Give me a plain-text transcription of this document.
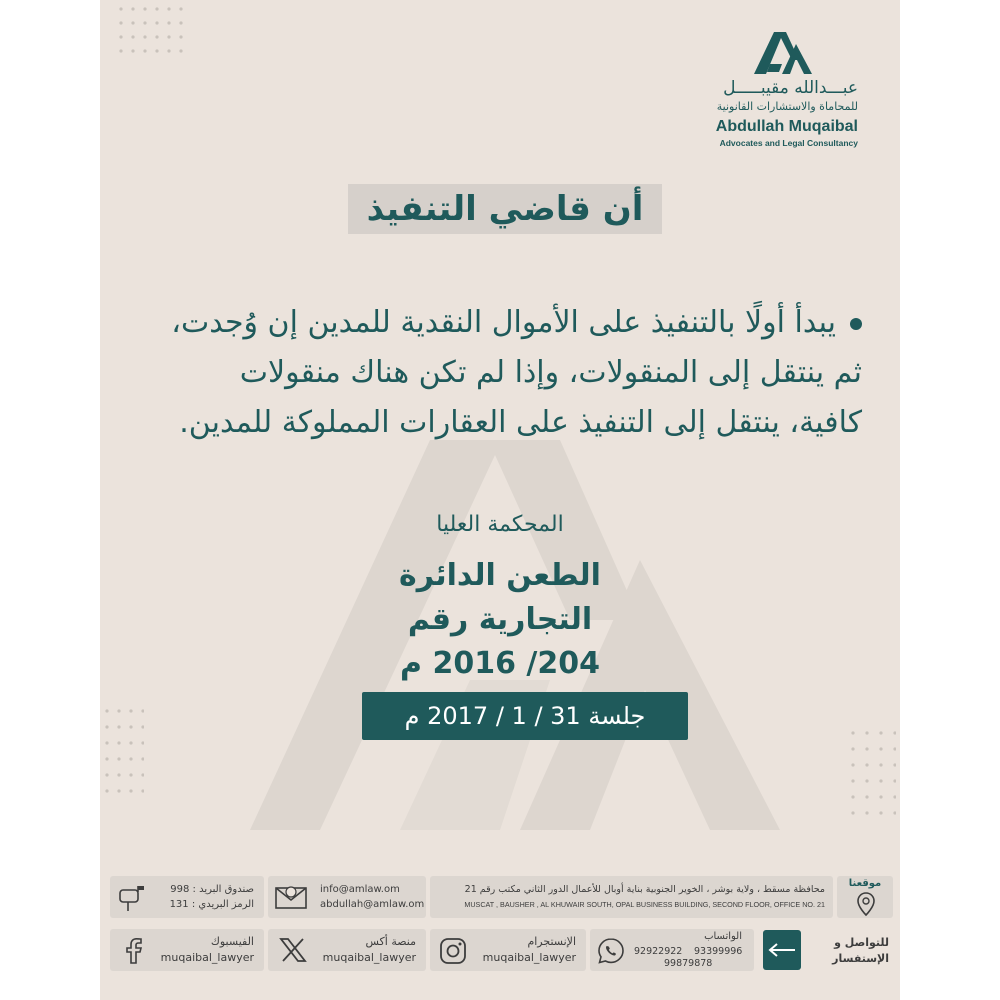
عبـــدالله مقيبـــــل
للمحاماة والاستشارات القانونية
Abdullah Muqaibal
Advocates and Legal Consultancy
أن قاضي التنفيذ
يبدأ أولًا بالتنفيذ على الأموال النقدية للمدين إن وُجدت،
ثم ينتقل إلى المنقولات، وإذا لم تكن هناك منقولات
كافية، ينتقل إلى التنفيذ على العقارات المملوكة للمدين.
المحكمة العليا
الطعن الدائرة
التجارية رقم
204/ 2016 م
جلسة 31 / 1 / 2017 م
صندوق البريد : 998
الرمز البريدي : 131
info@amlaw.om
abdullah@amlaw.om
محافظة مسقط ، ولاية بوشر ، الخوير الجنوبية بناية أوبال للأعمال الدور الثاني مكتب رقم 21
MUSCAT , BAUSHER , AL KHUWAIR SOUTH, OPAL BUSINESS BUILDING, SECOND FLOOR, OFFICE NO. 21
موقعنا
الفيسبوك
muqaibal_lawyer
منصة أكس
muqaibal_lawyer
الإنستجرام
muqaibal_lawyer
الواتساب
92922922 93399996
99879878
للتواصل و
الإستفسار
